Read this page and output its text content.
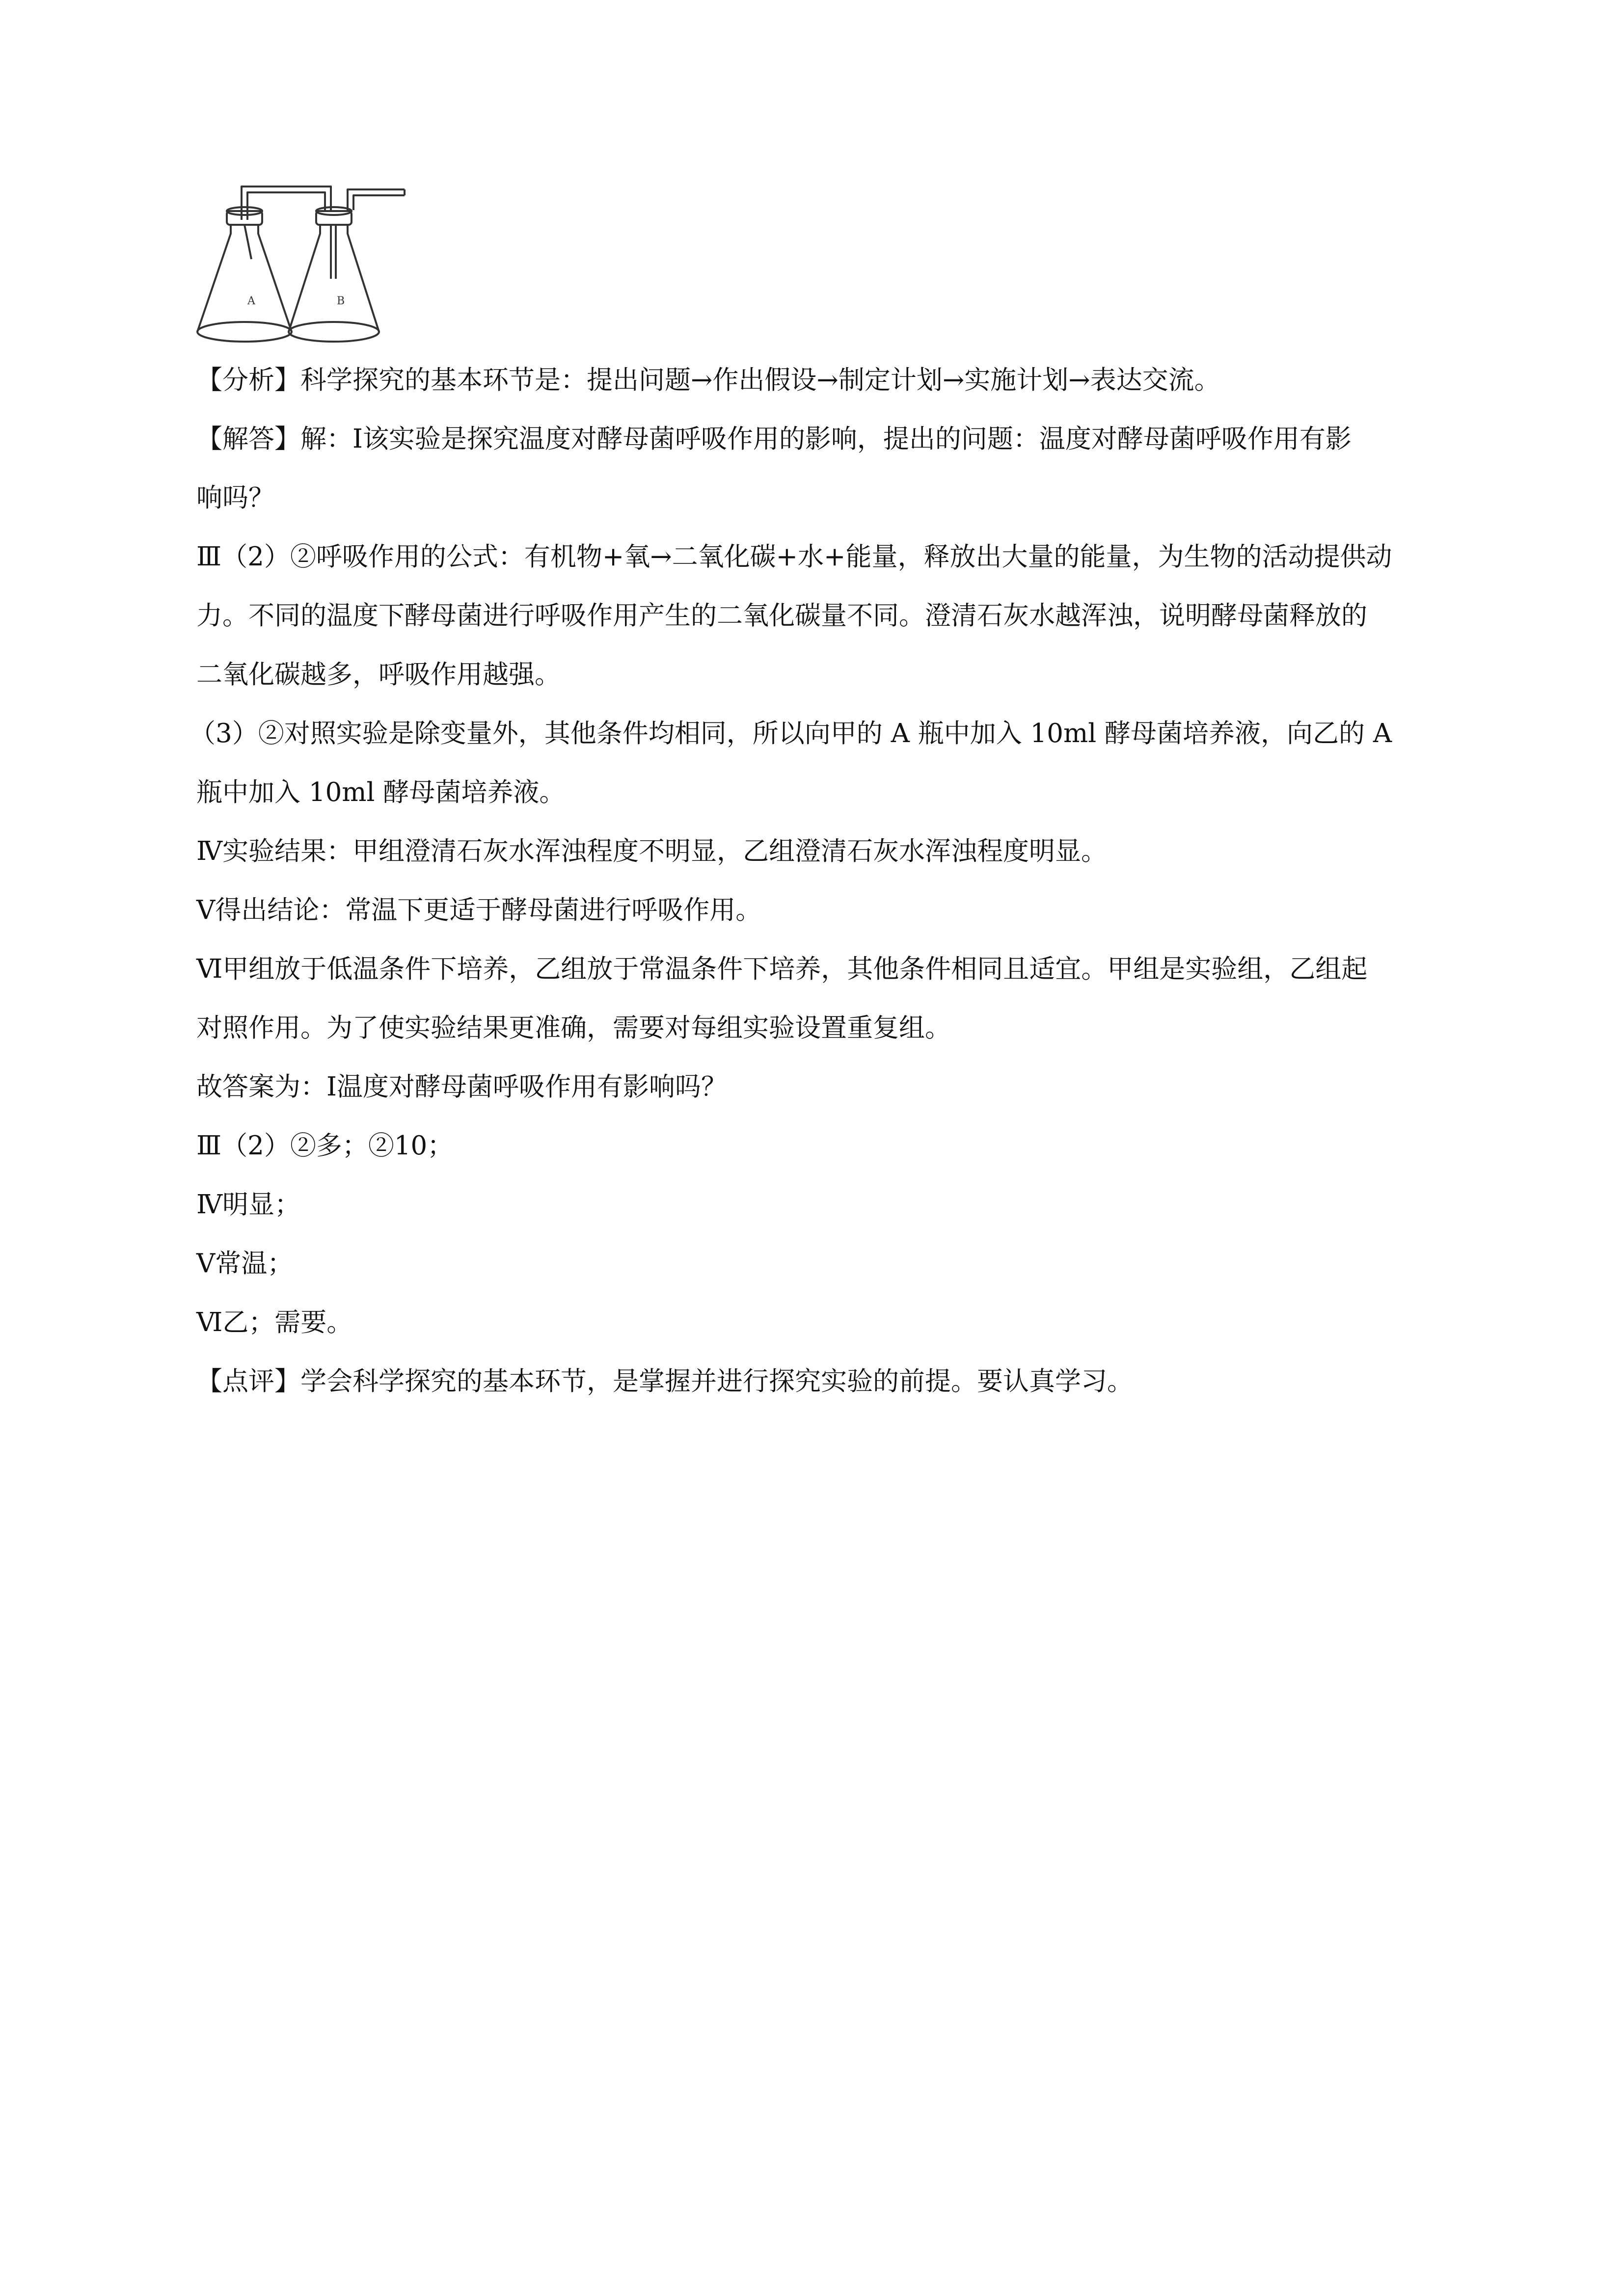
A	B

【分析】科学探究的基本环节是：提出问题→作出假设→制定计划→实施计划→表达交流。

【解答】解：Ⅰ该实验是探究温度对酵母菌呼吸作用的影响，提出的问题：温度对酵母菌呼吸作用有影

响吗？

Ⅲ（2）②呼吸作用的公式：有机物+氧→二氧化碳+水+能量，释放出大量的能量，为生物的活动提供动

力。不同的温度下酵母菌进行呼吸作用产生的二氧化碳量不同。澄清石灰水越浑浊，说明酵母菌释放的

二氧化碳越多，呼吸作用越强。

（3）②对照实验是除变量外，其他条件均相同，所以向甲的 A 瓶中加入 10ml 酵母菌培养液，向乙的 A

瓶中加入 10ml 酵母菌培养液。

Ⅳ实验结果：甲组澄清石灰水浑浊程度不明显，乙组澄清石灰水浑浊程度明显。

Ⅴ得出结论：常温下更适于酵母菌进行呼吸作用。

Ⅵ甲组放于低温条件下培养，乙组放于常温条件下培养，其他条件相同且适宜。甲组是实验组，乙组起

对照作用。为了使实验结果更准确，需要对每组实验设置重复组。

故答案为：Ⅰ温度对酵母菌呼吸作用有影响吗？

Ⅲ（2）②多；②10；

Ⅳ明显；

Ⅴ常温；

Ⅵ乙；需要。

【点评】学会科学探究的基本环节，是掌握并进行探究实验的前提。要认真学习。
